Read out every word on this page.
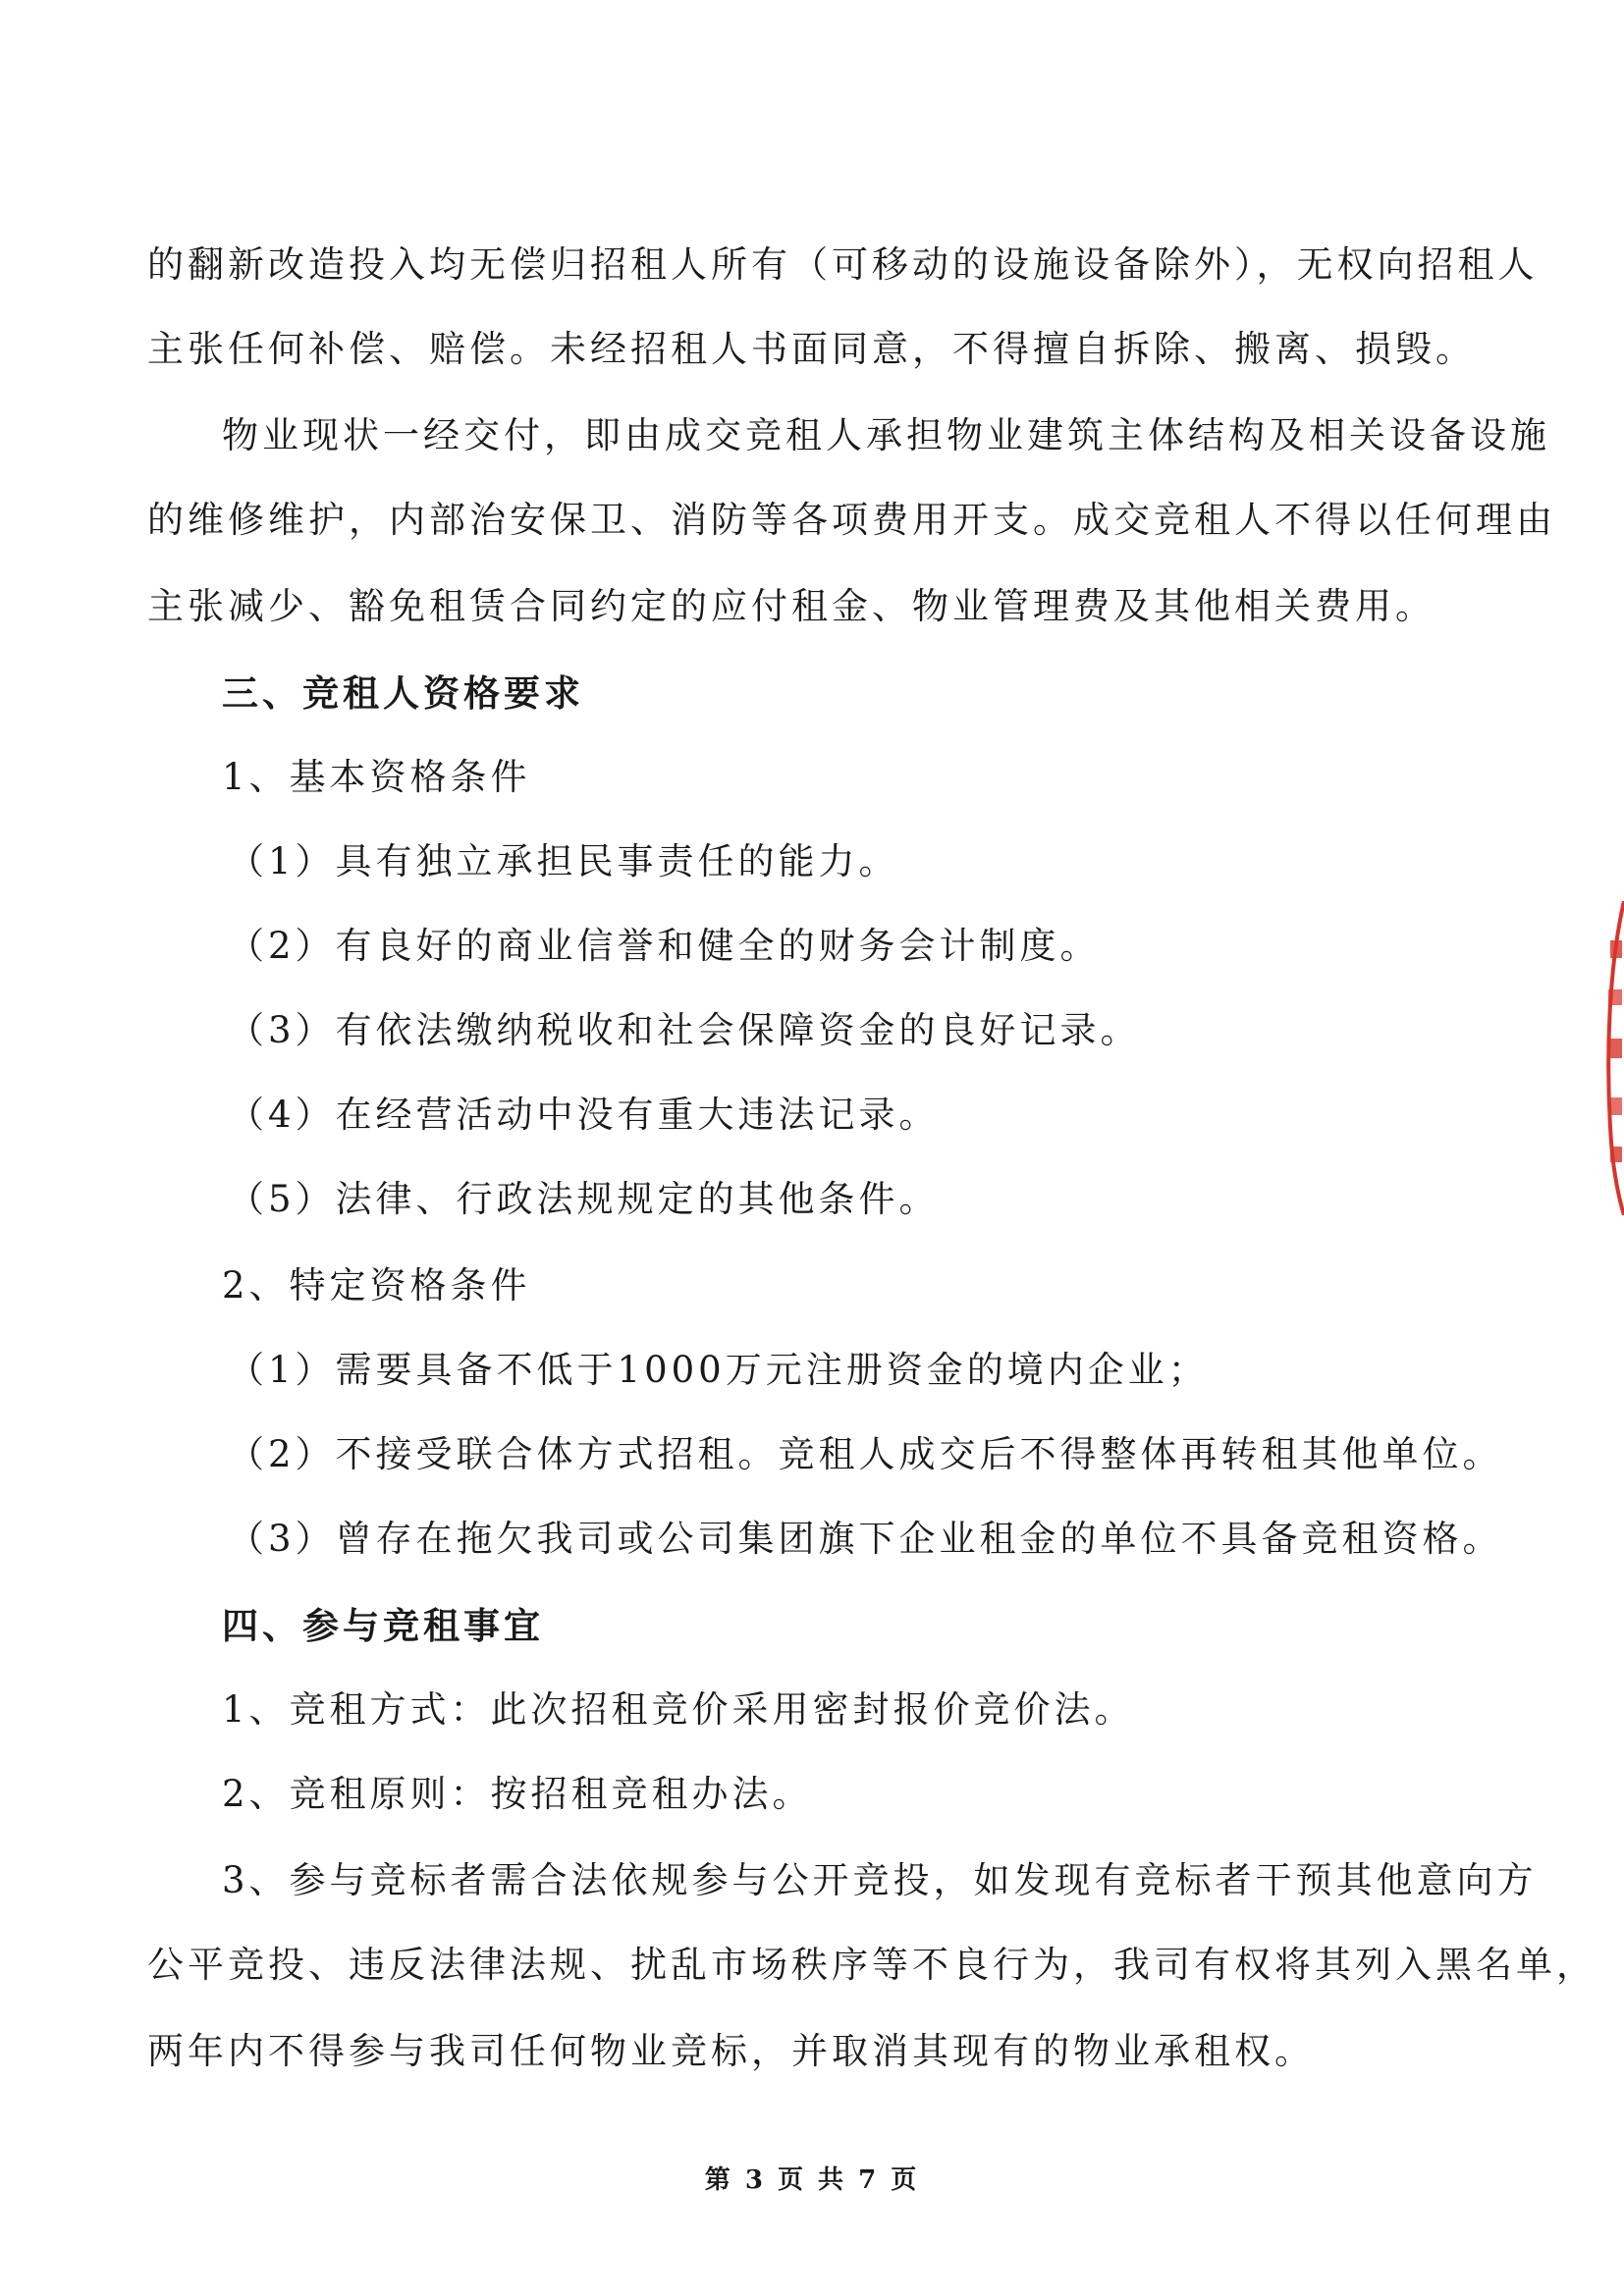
的翻新改造投入均无偿归招租人所有（可移动的设施设备除外），无权向招租人
主张任何补偿、赔偿。未经招租人书面同意，不得擅自拆除、搬离、损毁。
物业现状一经交付，即由成交竞租人承担物业建筑主体结构及相关设备设施
的维修维护，内部治安保卫、消防等各项费用开支。成交竞租人不得以任何理由
主张减少、豁免租赁合同约定的应付租金、物业管理费及其他相关费用。
三、竞租人资格要求
1、基本资格条件
（1）具有独立承担民事责任的能力。
（2）有良好的商业信誉和健全的财务会计制度。
（3）有依法缴纳税收和社会保障资金的良好记录。
（4）在经营活动中没有重大违法记录。
（5）法律、行政法规规定的其他条件。
2、特定资格条件
（1）需要具备不低于1000万元注册资金的境内企业；
（2）不接受联合体方式招租。竞租人成交后不得整体再转租其他单位。
（3）曾存在拖欠我司或公司集团旗下企业租金的单位不具备竞租资格。
四、参与竞租事宜
1、竞租方式：此次招租竞价采用密封报价竞价法。
2、竞租原则：按招租竞租办法。
3、参与竞标者需合法依规参与公开竞投，如发现有竞标者干预其他意向方
公平竞投、违反法律法规、扰乱市场秩序等不良行为，我司有权将其列入黑名单，
两年内不得参与我司任何物业竞标，并取消其现有的物业承租权。
第 3 页 共 7 页
